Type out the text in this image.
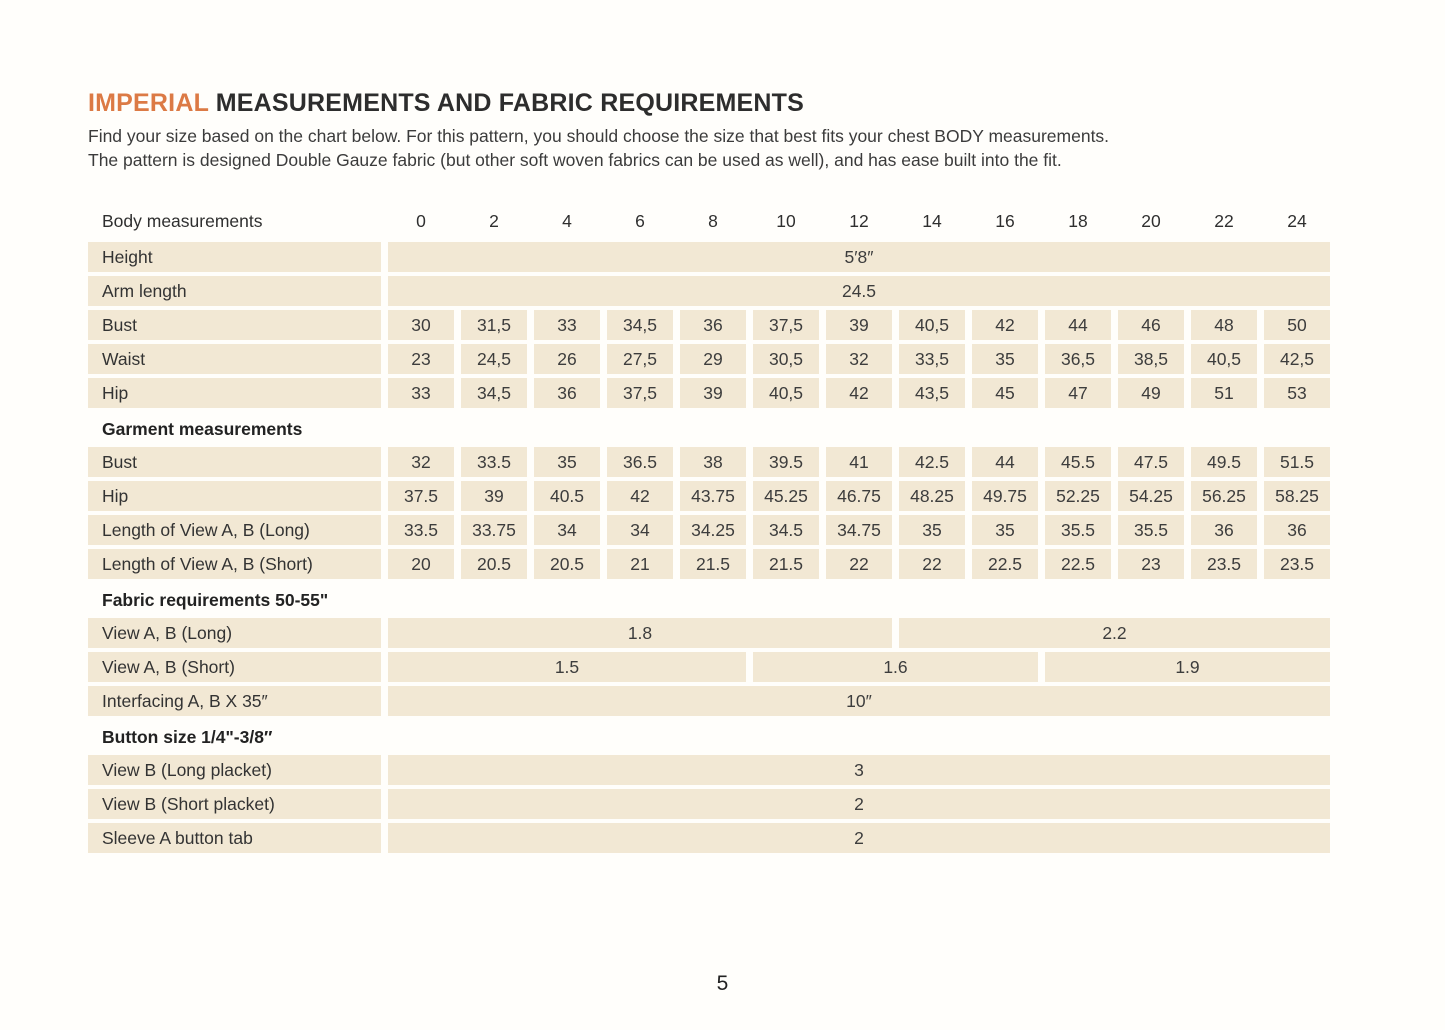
IMPERIAL MEASUREMENTS AND FABRIC REQUIREMENTS

Find your size based on the chart below. For this pattern, you should choose the size that best fits your chest BODY measurements.
The pattern is designed Double Gauze fabric (but other soft woven fabrics can be used as well), and has ease built into the fit.

Body measurements	0	2	4	6	8	10	12	14	16	18	20	22	24
Height	5′8″
Arm length	24.5
Bust	30	31,5	33	34,5	36	37,5	39	40,5	42	44	46	48	50
Waist	23	24,5	26	27,5	29	30,5	32	33,5	35	36,5	38,5	40,5	42,5
Hip	33	34,5	36	37,5	39	40,5	42	43,5	45	47	49	51	53
Garment measurements
Bust	32	33.5	35	36.5	38	39.5	41	42.5	44	45.5	47.5	49.5	51.5
Hip	37.5	39	40.5	42	43.75	45.25	46.75	48.25	49.75	52.25	54.25	56.25	58.25
Length of View A, B (Long)	33.5	33.75	34	34	34.25	34.5	34.75	35	35	35.5	35.5	36	36
Length of View A, B (Short)	20	20.5	20.5	21	21.5	21.5	22	22	22.5	22.5	23	23.5	23.5
Fabric requirements 50-55"
View A, B (Long)	1.8	2.2
View A, B (Short)	1.5	1.6	1.9
Interfacing A, B X 35″	10″
Button size 1/4"-3/8″
View B (Long placket)	3
View B (Short placket)	2
Sleeve A button tab	2
5
